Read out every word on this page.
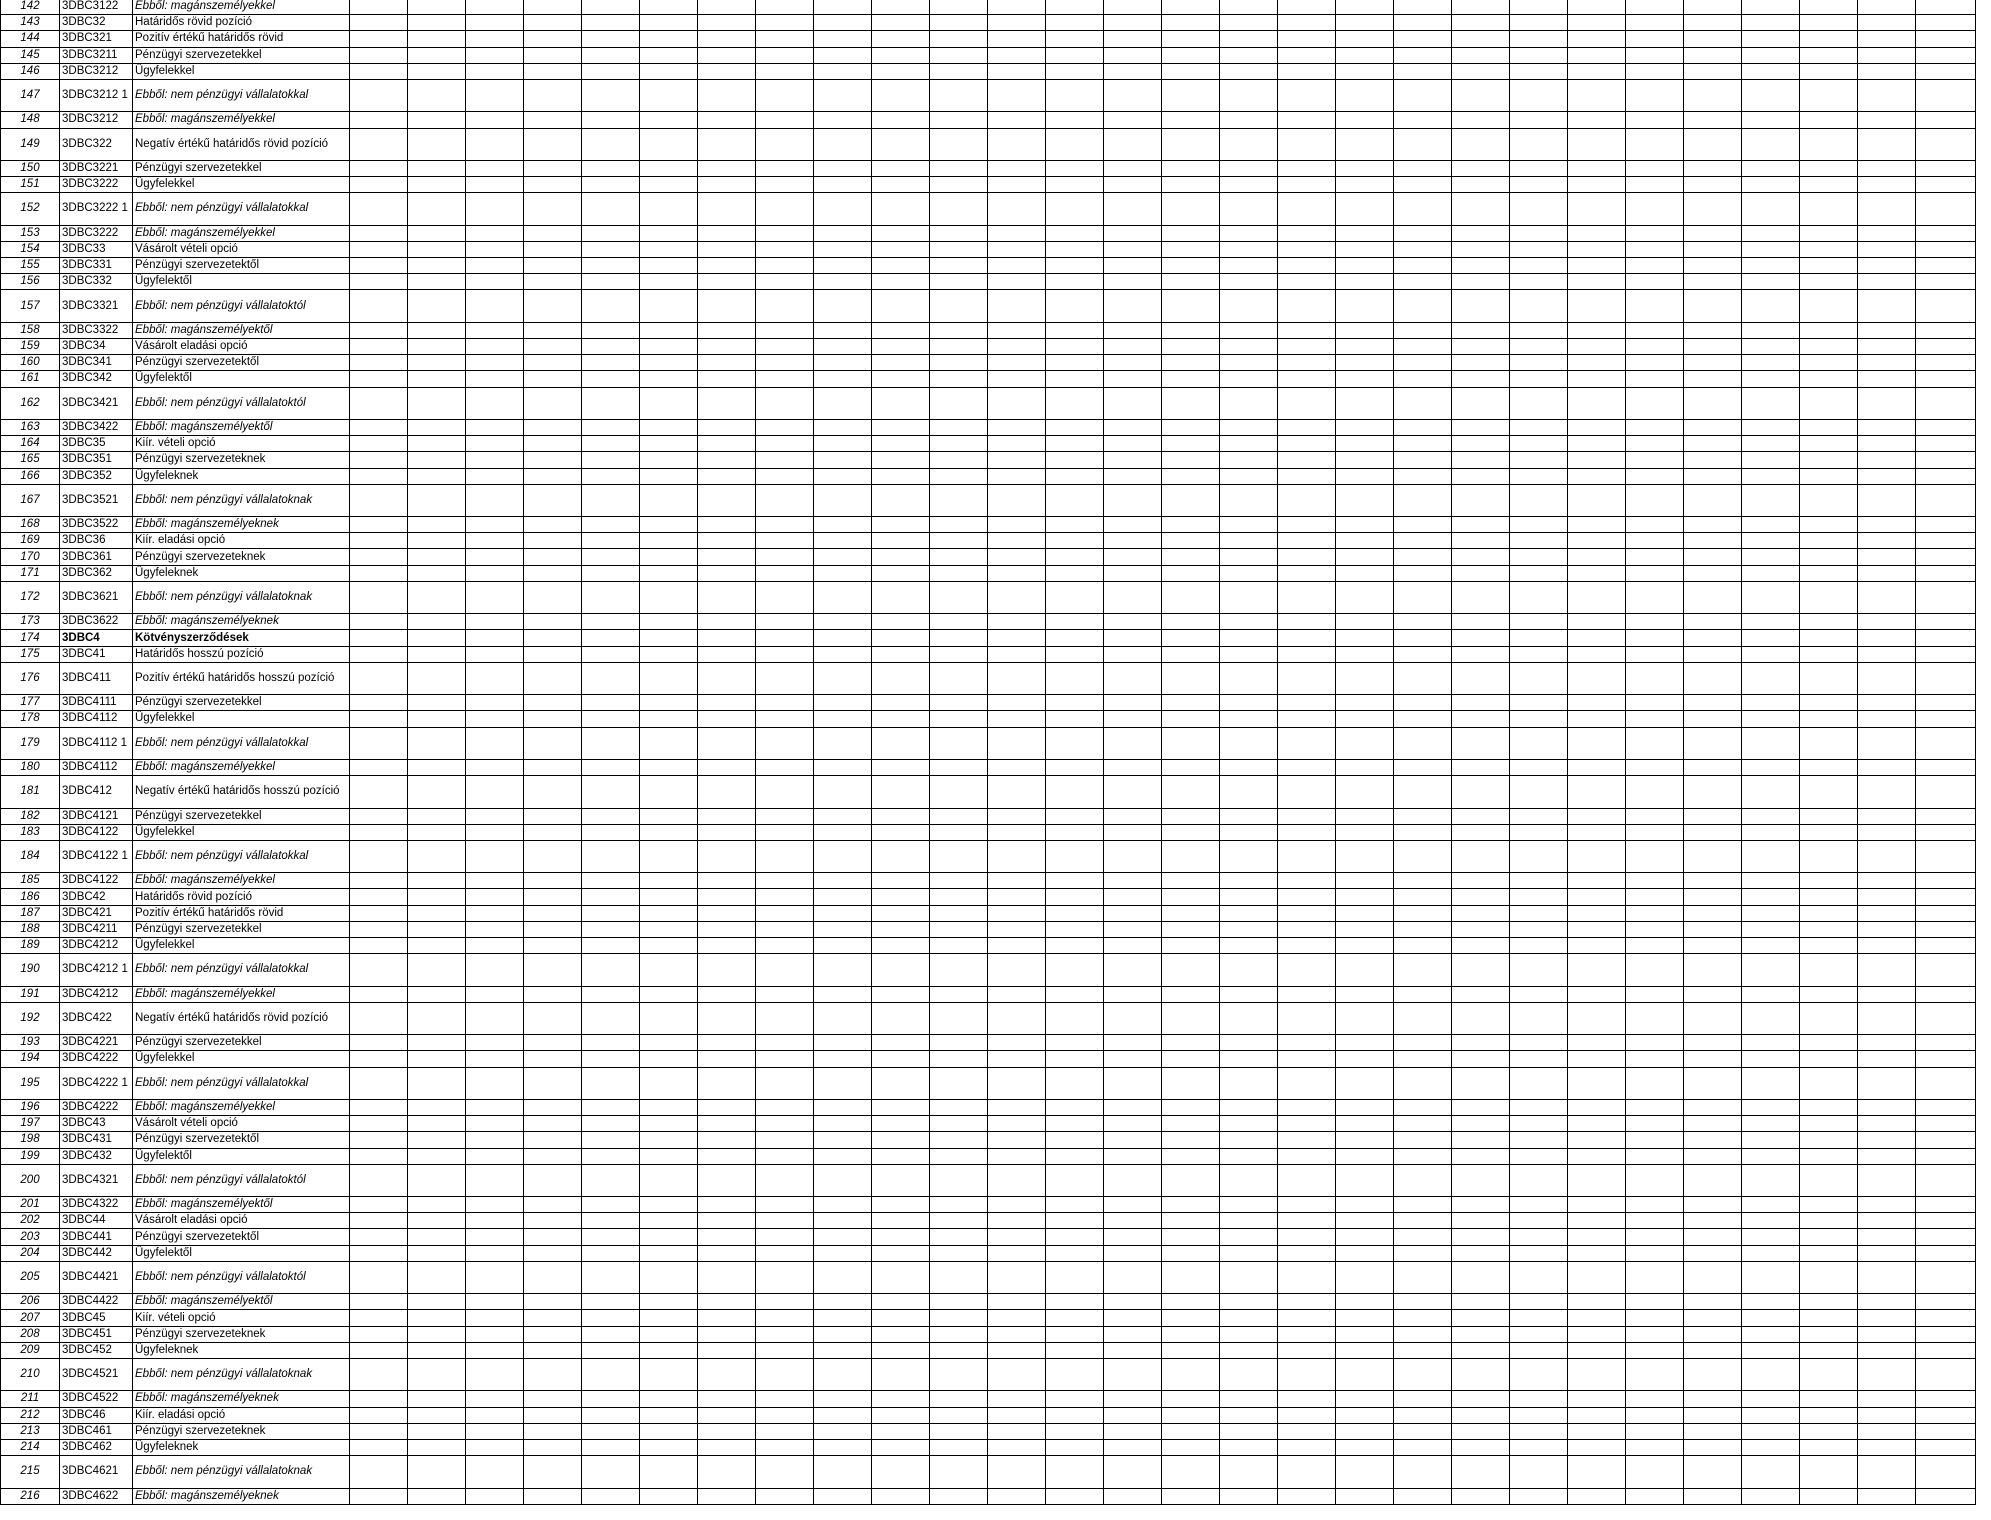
142	3DBC3122	Ebből: magánszemélyekkel																												
143	3DBC32	Határidős rövid pozíció																												
144	3DBC321	Pozitív értékű határidős rövid																												
145	3DBC3211	Pénzügyi szervezetekkel																												
146	3DBC3212	Ügyfelekkel																												
147	3DBC3212 1	Ebből: nem pénzügyi vállalatokkal																												
148	3DBC3212	Ebből: magánszemélyekkel																												
149	3DBC322	Negatív értékű határidős rövid pozíció																												
150	3DBC3221	Pénzügyi szervezetekkel																												
151	3DBC3222	Ügyfelekkel																												
152	3DBC3222 1	Ebből: nem pénzügyi vállalatokkal																												
153	3DBC3222	Ebből: magánszemélyekkel																												
154	3DBC33	Vásárolt vételi opció																												
155	3DBC331	Pénzügyi szervezetektől																												
156	3DBC332	Ügyfelektől																												
157	3DBC3321	Ebből: nem pénzügyi vállalatoktól																												
158	3DBC3322	Ebből: magánszemélyektől																												
159	3DBC34	Vásárolt eladási opció																												
160	3DBC341	Pénzügyi szervezetektől																												
161	3DBC342	Ügyfelektől																												
162	3DBC3421	Ebből: nem pénzügyi vállalatoktól																												
163	3DBC3422	Ebből: magánszemélyektől																												
164	3DBC35	Kiír. vételi opció																												
165	3DBC351	Pénzügyi szervezeteknek																												
166	3DBC352	Ügyfeleknek																												
167	3DBC3521	Ebből: nem pénzügyi vállalatoknak																												
168	3DBC3522	Ebből: magánszemélyeknek																												
169	3DBC36	Kiír. eladási opció																												
170	3DBC361	Pénzügyi szervezeteknek																												
171	3DBC362	Ügyfeleknek																												
172	3DBC3621	Ebből: nem pénzügyi vállalatoknak																												
173	3DBC3622	Ebből: magánszemélyeknek																												
174	3DBC4	Kötvényszerződések																												
175	3DBC41	Határidős hosszú pozíció																												
176	3DBC411	Pozitív értékű határidős hosszú pozíció																												
177	3DBC4111	Pénzügyi szervezetekkel																												
178	3DBC4112	Ügyfelekkel																												
179	3DBC4112 1	Ebből: nem pénzügyi vállalatokkal																												
180	3DBC4112	Ebből: magánszemélyekkel																												
181	3DBC412	Negatív értékű határidős hosszú pozíció																												
182	3DBC4121	Pénzügyi szervezetekkel																												
183	3DBC4122	Ügyfelekkel																												
184	3DBC4122 1	Ebből: nem pénzügyi vállalatokkal																												
185	3DBC4122	Ebből: magánszemélyekkel																												
186	3DBC42	Határidős rövid pozíció																												
187	3DBC421	Pozitív értékű határidős rövid																												
188	3DBC4211	Pénzügyi szervezetekkel																												
189	3DBC4212	Ügyfelekkel																												
190	3DBC4212 1	Ebből: nem pénzügyi vállalatokkal																												
191	3DBC4212	Ebből: magánszemélyekkel																												
192	3DBC422	Negatív értékű határidős rövid pozíció																												
193	3DBC4221	Pénzügyi szervezetekkel																												
194	3DBC4222	Ügyfelekkel																												
195	3DBC4222 1	Ebből: nem pénzügyi vállalatokkal																												
196	3DBC4222	Ebből: magánszemélyekkel																												
197	3DBC43	Vásárolt vételi opció																												
198	3DBC431	Pénzügyi szervezetektől																												
199	3DBC432	Ügyfelektől																												
200	3DBC4321	Ebből: nem pénzügyi vállalatoktól																												
201	3DBC4322	Ebből: magánszemélyektől																												
202	3DBC44	Vásárolt eladási opció																												
203	3DBC441	Pénzügyi szervezetektől																												
204	3DBC442	Ügyfelektől																												
205	3DBC4421	Ebből: nem pénzügyi vállalatoktól																												
206	3DBC4422	Ebből: magánszemélyektől																												
207	3DBC45	Kiír. vételi opció																												
208	3DBC451	Pénzügyi szervezeteknek																												
209	3DBC452	Ügyfeleknek																												
210	3DBC4521	Ebből: nem pénzügyi vállalatoknak																												
211	3DBC4522	Ebből: magánszemélyeknek																												
212	3DBC46	Kiír. eladási opció																												
213	3DBC461	Pénzügyi szervezeteknek																												
214	3DBC462	Ügyfeleknek																												
215	3DBC4621	Ebből: nem pénzügyi vállalatoknak																												
216	3DBC4622	Ebből: magánszemélyeknek																												
